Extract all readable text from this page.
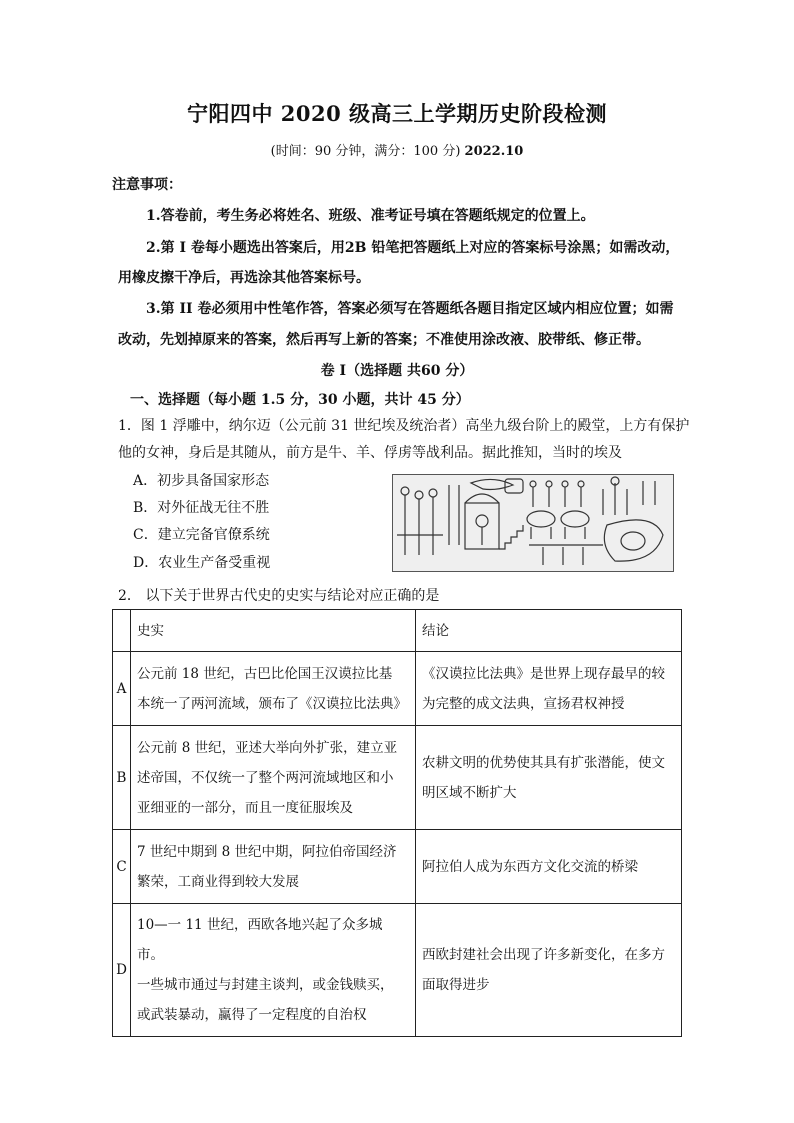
宁阳四中 2020 级高三上学期历史阶段检测
(时间：90 分钟，满分：100 分) 2022.10
注意事项：
1.答卷前，考生务必将姓名、班级、准考证号填在答题纸规定的位置上。
2.第 I 卷每小题选出答案后，用2B 铅笔把答题纸上对应的答案标号涂黑；如需改动，
用橡皮擦干净后，再选涂其他答案标号。
3.第 II 卷必须用中性笔作答，答案必须写在答题纸各题目指定区域内相应位置；如需
改动，先划掉原来的答案，然后再写上新的答案；不准使用涂改液、胶带纸、修正带。
卷 I（选择题 共60 分）
一、选择题（每小题 1.5 分，30 小题，共计 45 分）
1．图 1 浮雕中，纳尔迈（公元前 31 世纪埃及统治者）高坐九级台阶上的殿堂，上方有保护
他的女神，身后是其随从，前方是牛、羊、俘虏等战利品。据此推知，当时的埃及
A．初步具备国家形态
B．对外征战无往不胜
C．建立完备官僚系统
D．农业生产备受重视
2． 以下关于世界古代史的史实与结论对应正确的是
	史实	结论
A	公元前 18 世纪，古巴比伦国王汉谟拉比基
本统一了两河流域，颁布了《汉谟拉比法典》	《汉谟拉比法典》是世界上现存最早的较
为完整的成文法典，宣扬君权神授

B	公元前 8 世纪，亚述大举向外扩张，建立亚
述帝国，不仅统一了整个两河流域地区和小
亚细亚的一部分，而且一度征服埃及	农耕文明的优势使其具有扩张潜能，使文
明区域不断扩大

C	7 世纪中期到 8 世纪中期，阿拉伯帝国经济
繁荣，工商业得到较大发展	阿拉伯人成为东西方文化交流的桥梁

D	10—一 11 世纪，西欧各地兴起了众多城市。
一些城市通过与封建主谈判，或金钱赎买，
或武装暴动，赢得了一定程度的自治权	西欧封建社会出现了许多新变化，在多方
面取得进步
